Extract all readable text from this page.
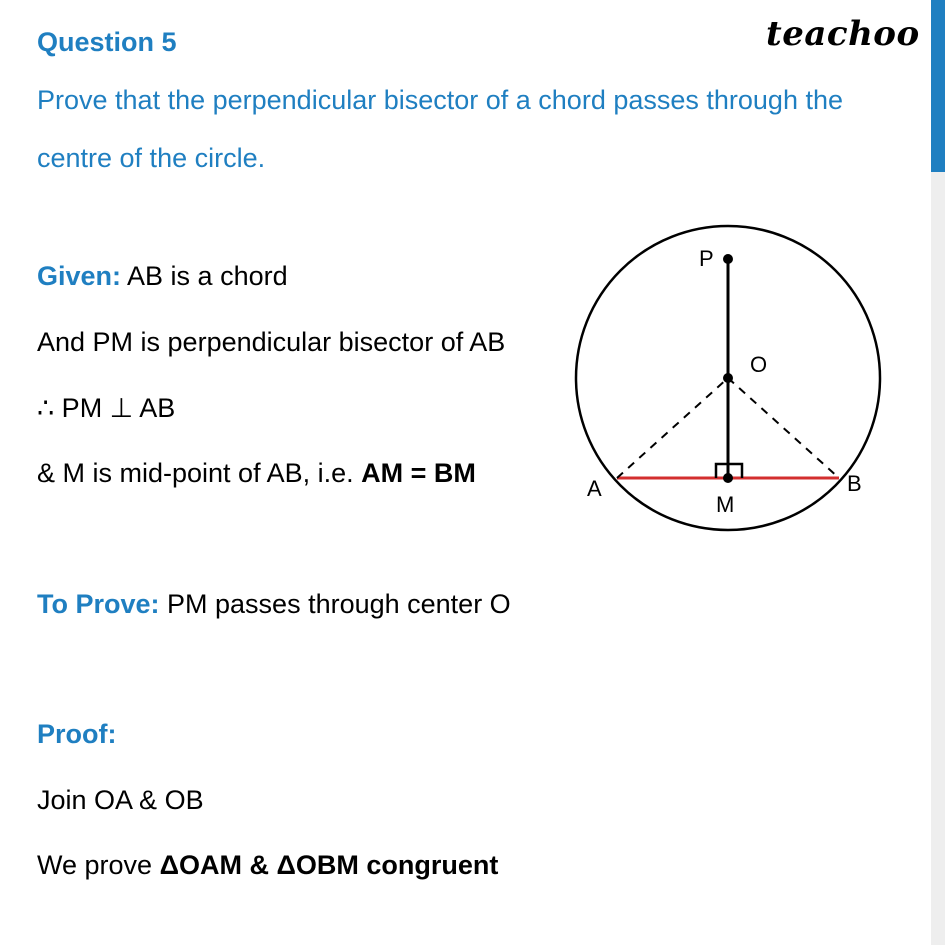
Question 5	teachoo
Prove that the perpendicular bisector of a chord passes through the
centre of the circle.
Given: AB is a chord
And PM is perpendicular bisector of AB
∴ PM ⊥ AB
& M is mid-point of AB, i.e. AM = BM
To Prove: PM passes through center O
Proof:
Join OA & OB
We prove ΔOAM & ΔOBM congruent
P
O
A	B
M
